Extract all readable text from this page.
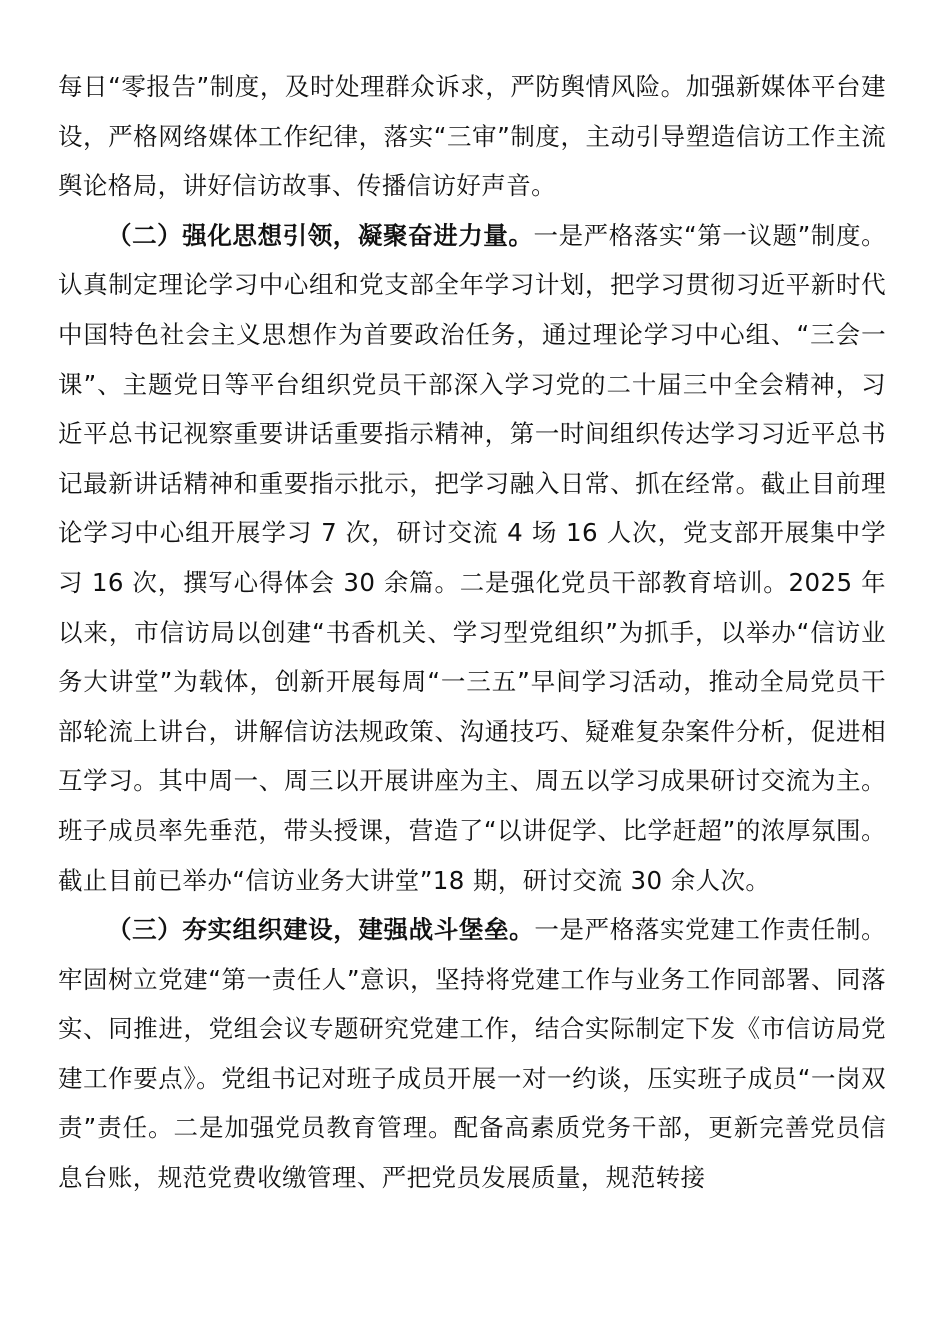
每日“零报告”制度，及时处理群众诉求，严防舆情风险。加强新媒体平台建设，严格网络媒体工作纪律，落实“三审”制度，主动引导塑造信访工作主流舆论格局，讲好信访故事、传播信访好声音。

（二）强化思想引领，凝聚奋进力量。一是严格落实“第一议题”制度。认真制定理论学习中心组和党支部全年学习计划，把学习贯彻习近平新时代中国特色社会主义思想作为首要政治任务，通过理论学习中心组、“三会一课”、主题党日等平台组织党员干部深入学习党的二十届三中全会精神，习近平总书记视察重要讲话重要指示精神，第一时间组织传达学习习近平总书记最新讲话精神和重要指示批示，把学习融入日常、抓在经常。截止目前理论学习中心组开展学习 7 次，研讨交流 4 场 16 人次，党支部开展集中学习 16 次，撰写心得体会 30 余篇。二是强化党员干部教育培训。2025 年以来，市信访局以创建“书香机关、学习型党组织”为抓手，以举办“信访业务大讲堂”为载体，创新开展每周“一三五”早间学习活动，推动全局党员干部轮流上讲台，讲解信访法规政策、沟通技巧、疑难复杂案件分析，促进相互学习。其中周一、周三以开展讲座为主、周五以学习成果研讨交流为主。班子成员率先垂范，带头授课，营造了“以讲促学、比学赶超”的浓厚氛围。截止目前已举办“信访业务大讲堂”18 期，研讨交流 30 余人次。

（三）夯实组织建设，建强战斗堡垒。一是严格落实党建工作责任制。牢固树立党建“第一责任人”意识，坚持将党建工作与业务工作同部署、同落实、同推进，党组会议专题研究党建工作，结合实际制定下发《市信访局党建工作要点》。党组书记对班子成员开展一对一约谈，压实班子成员“一岗双责”责任。二是加强党员教育管理。配备高素质党务干部，更新完善党员信息台账，规范党费收缴管理、严把党员发展质量，规范转接
